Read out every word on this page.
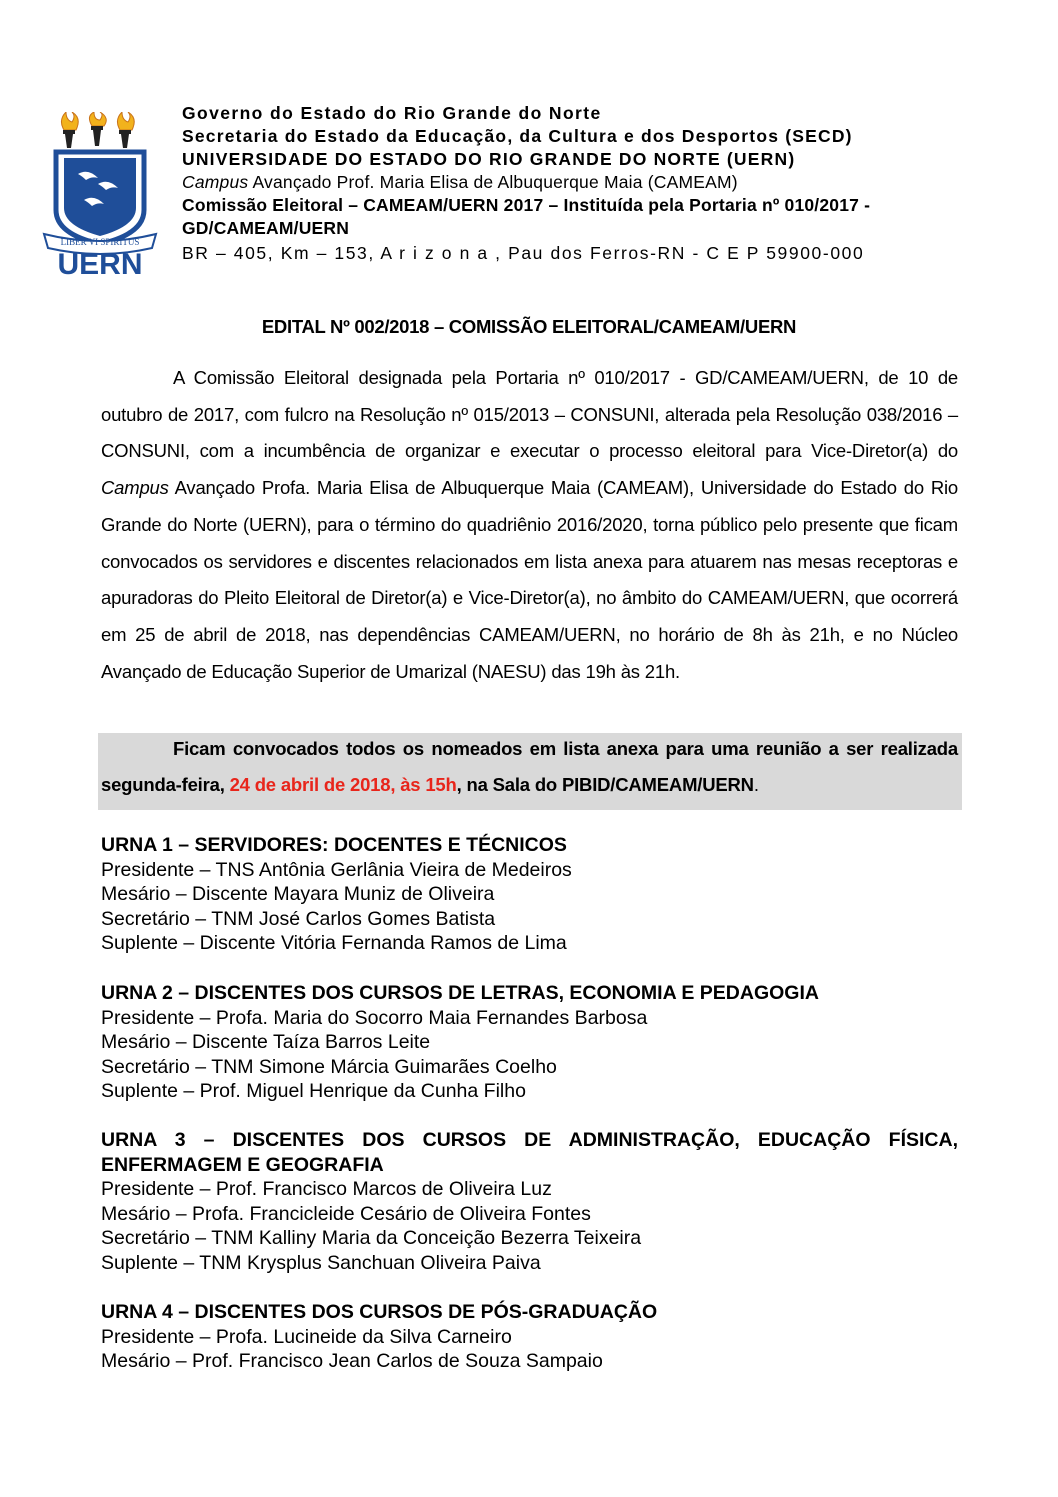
LIBER VI SPIRITUS
UERN
Governo do Estado do Rio Grande do Norte
Secretaria do Estado da Educação, da Cultura e dos Desportos (SECD)
UNIVERSIDADE DO ESTADO DO RIO GRANDE DO NORTE (UERN)
Campus Avançado Prof. Maria Elisa de Albuquerque Maia (CAMEAM)
Comissão Eleitoral – CAMEAM/UERN 2017 – Instituída pela Portaria nº 010/2017 -
GD/CAMEAM/UERN
BR – 405, Km – 153, A r i z o n a , Pau dos Ferros-RN - C E P 59900-000
EDITAL Nº 002/2018 – COMISSÃO ELEITORAL/CAMEAM/UERN
A Comissão Eleitoral designada pela Portaria nº 010/2017 - GD/CAMEAM/UERN, de 10 de outubro de 2017, com fulcro na Resolução nº 015/2013 – CONSUNI, alterada pela Resolução 038/2016 – CONSUNI, com a incumbência de organizar e executar o processo eleitoral para Vice-Diretor(a) do Campus Avançado Profa. Maria Elisa de Albuquerque Maia (CAMEAM), Universidade do Estado do Rio Grande do Norte (UERN), para o término do quadriênio 2016/2020, torna público pelo presente que ficam convocados os servidores e discentes relacionados em lista anexa para atuarem nas mesas receptoras e apuradoras do Pleito Eleitoral de Diretor(a) e Vice-Diretor(a), no âmbito do CAMEAM/UERN, que ocorrerá em 25 de abril de 2018, nas dependências CAMEAM/UERN, no horário de 8h às 21h, e no Núcleo Avançado de Educação Superior de Umarizal (NAESU) das 19h às 21h.
Ficam convocados todos os nomeados em lista anexa para uma reunião a ser realizada segunda-feira, 24 de abril de 2018, às 15h, na Sala do PIBID/CAMEAM/UERN.
URNA 1 – SERVIDORES: DOCENTES E TÉCNICOS
Presidente – TNS Antônia Gerlânia Vieira de Medeiros
Mesário – Discente Mayara Muniz de Oliveira
Secretário – TNM José Carlos Gomes Batista
Suplente – Discente Vitória Fernanda Ramos de Lima
URNA 2 – DISCENTES DOS CURSOS DE LETRAS, ECONOMIA E PEDAGOGIA
Presidente – Profa. Maria do Socorro Maia Fernandes Barbosa
Mesário – Discente Taíza Barros Leite
Secretário – TNM Simone Márcia Guimarães Coelho
Suplente – Prof. Miguel Henrique da Cunha Filho
URNA 3 – DISCENTES DOS CURSOS DE ADMINISTRAÇÃO, EDUCAÇÃO FÍSICA, ENFERMAGEM E GEOGRAFIA
Presidente – Prof. Francisco Marcos de Oliveira Luz
Mesário – Profa. Francicleide Cesário de Oliveira Fontes
Secretário – TNM Kalliny Maria da Conceição Bezerra Teixeira
Suplente – TNM Krysplus Sanchuan Oliveira Paiva
URNA 4 – DISCENTES DOS CURSOS DE PÓS-GRADUAÇÃO
Presidente – Profa. Lucineide da Silva Carneiro
Mesário – Prof. Francisco Jean Carlos de Souza Sampaio
